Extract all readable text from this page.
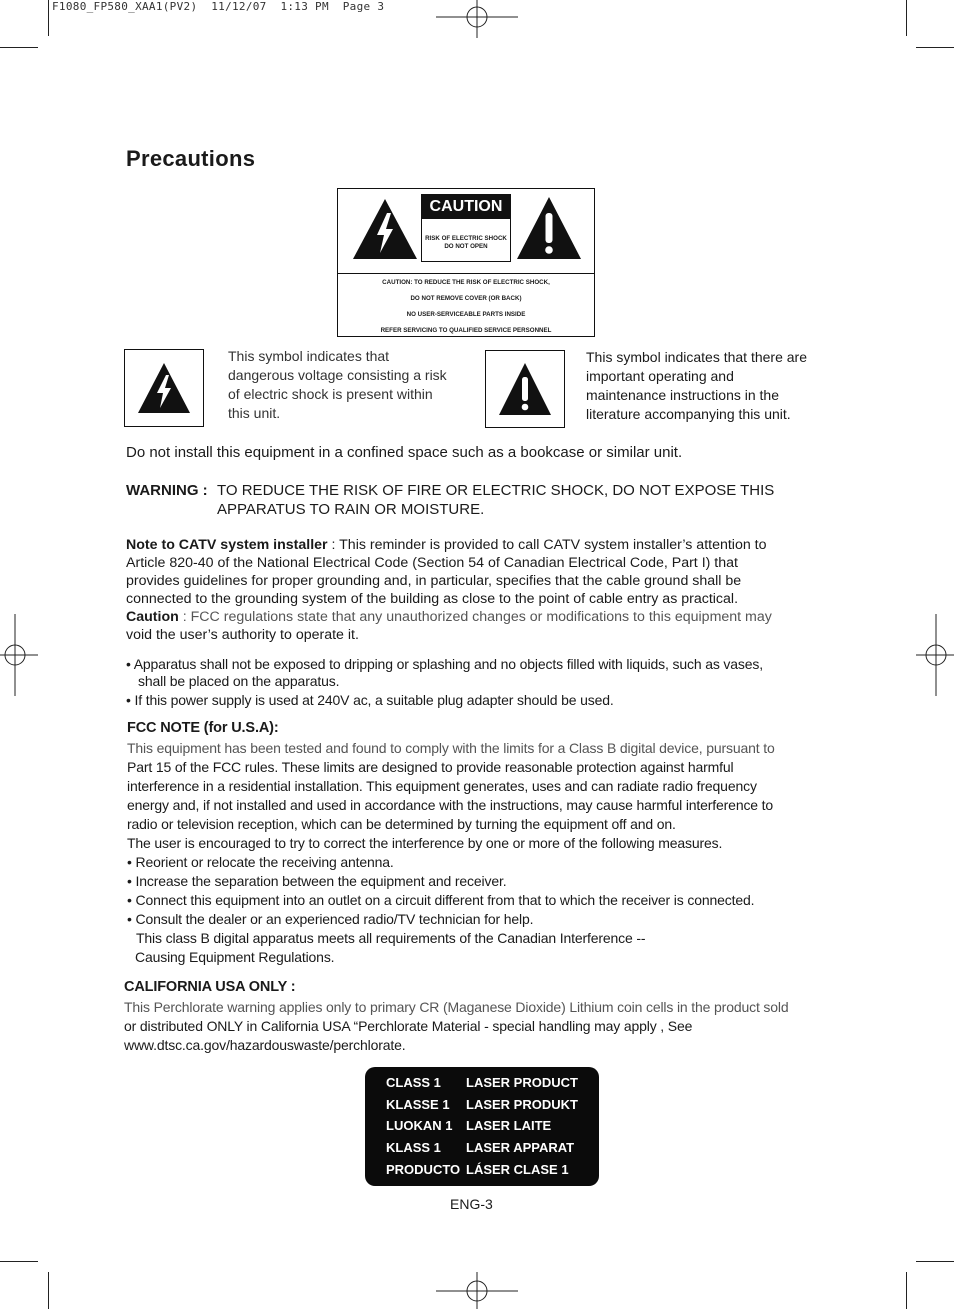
F1080_FP580_XAA1(PV2)  11/12/07  1:13 PM  Page 3
Precautions
CAUTION
RISK OF ELECTRIC SHOCK
DO NOT OPEN
CAUTION: TO REDUCE THE RISK OF ELECTRIC SHOCK,
DO NOT REMOVE COVER (OR BACK)
NO USER-SERVICEABLE PARTS INSIDE
REFER SERVICING TO QUALIFIED SERVICE PERSONNEL
This symbol indicates that
dangerous voltage consisting a risk
of electric shock is present within
this unit.
This symbol indicates that there are
important operating and
maintenance instructions in the
literature accompanying this unit.
Do not install this equipment in a confined space such as a bookcase or similar unit.
WARNING : TO REDUCE THE RISK OF FIRE OR ELECTRIC SHOCK, DO NOT EXPOSE THIS
APPARATUS TO RAIN OR MOISTURE.
Note to CATV system installer : This reminder is provided to call CATV system installer’s attention to
Article 820-40 of the National Electrical Code (Section 54 of Canadian Electrical Code, Part I) that
provides guidelines for proper grounding and, in particular, specifies that the cable ground shall be
connected to the grounding system of the building as close to the point of cable entry as practical.
Caution : FCC regulations state that any unauthorized changes or modifications to this equipment may
void the user’s authority to operate it.
• Apparatus shall not be exposed to dripping or splashing and no objects filled with liquids, such as vases,
shall be placed on the apparatus.
• If this power supply is used at 240V ac, a suitable plug adapter should be used.
FCC NOTE (for U.S.A):
This equipment has been tested and found to comply with the limits for a Class B digital device, pursuant to
Part 15 of the FCC rules. These limits are designed to provide reasonable protection against harmful
interference in a residential installation. This equipment generates, uses and can radiate radio frequency
energy and, if not installed and used in accordance with the instructions, may cause harmful interference to
radio or television reception, which can be determined by turning the equipment off and on.
The user is encouraged to try to correct the interference by one or more of the following measures.
• Reorient or relocate the receiving antenna.
• Increase the separation between the equipment and receiver.
• Connect this equipment into an outlet on a circuit different from that to which the receiver is connected.
• Consult the dealer or an experienced radio/TV technician for help.
This class B digital apparatus meets all requirements of the Canadian Interference --
Causing Equipment Regulations.
CALIFORNIA USA ONLY :
This Perchlorate warning applies only to primary CR (Maganese Dioxide) Lithium coin cells in the product sold
or distributed ONLY in California USA “Perchlorate Material - special handling may apply , See
www.dtsc.ca.gov/hazardouswaste/perchlorate.
CLASS 1 LASER PRODUCT
KLASSE 1 LASER PRODUKT
LUOKAN 1 LASER LAITE
KLASS 1 LASER APPARAT
PRODUCTO LÁSER CLASE 1
ENG-3
